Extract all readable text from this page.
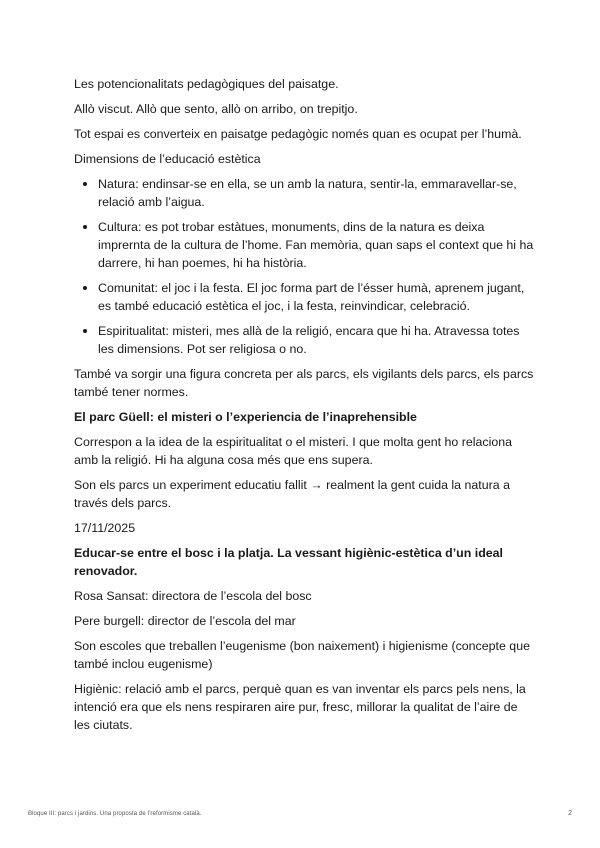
Les potencionalitats pedagògiques del paisatge.

Allò viscut. Allò que sento, allò on arribo, on trepitjo.

Tot espai es converteix en paisatge pedagògic només quan es ocupat per l’humà.

Dimensions de l’educació estètica

Natura: endinsar-se en ella, se un amb la natura, sentir-la, emmaravellar-se, relació amb l’aigua.
Cultura: es pot trobar estàtues, monuments, dins de la natura es deixa imprernta de la cultura de l’home. Fan memòria, quan saps el context que hi ha darrere, hi han poemes, hi ha història.
Comunitat: el joc i la festa. El joc forma part de l’ésser humà, aprenem jugant, es també educació estètica el joc, i la festa, reinvindicar, celebració.
Espiritualitat: misteri, mes allà de la religió, encara que hi ha. Atravessa totes les dimensions. Pot ser religiosa o no.

També va sorgir una figura concreta per als parcs, els vigilants dels parcs, els parcs també tener normes.

El parc Güell: el misteri o l’experiencia de l’inaprehensible

Correspon a la idea de la espiritualitat o el misteri. I que molta gent ho relaciona amb la religió. Hi ha alguna cosa més que ens supera.

Son els parcs un experiment educatiu fallit → realment la gent cuida la natura a través dels parcs.

17/11/2025

Educar-se entre el bosc i la platja. La vessant higiènic-estètica d’un ideal renovador.

Rosa Sansat: directora de l’escola del bosc

Pere burgell: director de l’escola del mar

Son escoles que treballen l’eugenisme (bon naixement) i higienisme (concepte que també inclou eugenisme)

Higiènic: relació amb el parcs, perquè quan es van inventar els parcs pels nens, la intenció era que els nens respiraren aire pur, fresc, millorar la qualitat de l’aire de les ciutats.

Bloque III: parcs i jardins. Una proposta de l’reformisme català.	2
